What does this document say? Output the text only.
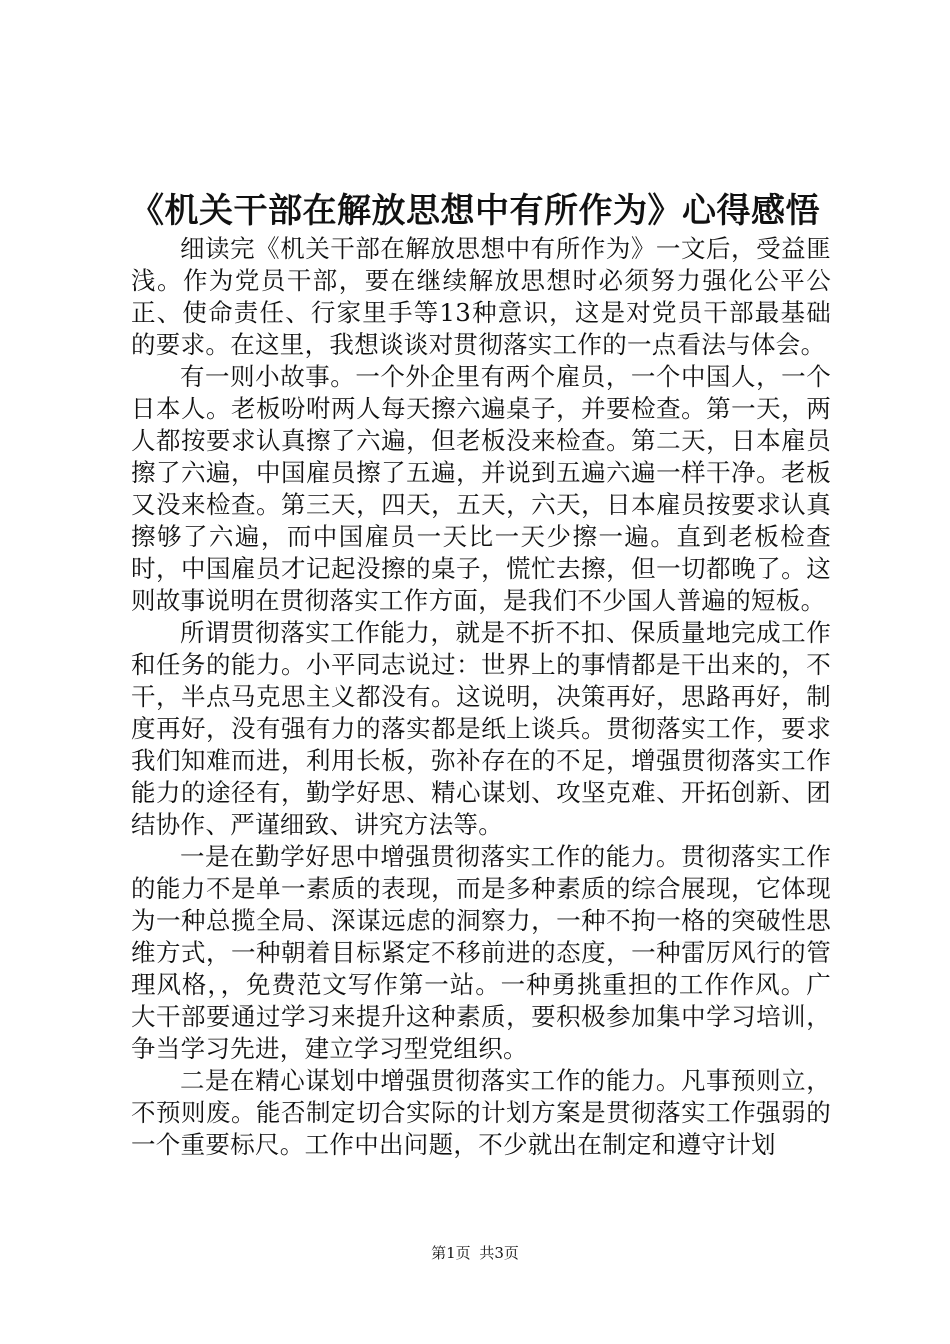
《机关干部在解放思想中有所作为》心得感悟

细读完《机关干部在解放思想中有所作为》一文后，受益匪浅。作为党员干部，要在继续解放思想时必须努力强化公平公正、使命责任、行家里手等13种意识，这是对党员干部最基础的要求。在这里，我想谈谈对贯彻落实工作的一点看法与体会。

有一则小故事。一个外企里有两个雇员，一个中国人，一个日本人。老板吩咐两人每天擦六遍桌子，并要检查。第一天，两人都按要求认真擦了六遍，但老板没来检查。第二天，日本雇员擦了六遍，中国雇员擦了五遍，并说到五遍六遍一样干净。老板又没来检查。第三天，四天，五天，六天，日本雇员按要求认真擦够了六遍，而中国雇员一天比一天少擦一遍。直到老板检查时，中国雇员才记起没擦的桌子，慌忙去擦，但一切都晚了。这则故事说明在贯彻落实工作方面，是我们不少国人普遍的短板。

所谓贯彻落实工作能力，就是不折不扣、保质量地完成工作和任务的能力。小平同志说过：世界上的事情都是干出来的，不干，半点马克思主义都没有。这说明，决策再好，思路再好，制度再好，没有强有力的落实都是纸上谈兵。贯彻落实工作，要求我们知难而进，利用长板，弥补存在的不足，增强贯彻落实工作能力的途径有，勤学好思、精心谋划、攻坚克难、开拓创新、团结协作、严谨细致、讲究方法等。

一是在勤学好思中增强贯彻落实工作的能力。贯彻落实工作的能力不是单一素质的表现，而是多种素质的综合展现，它体现为一种总揽全局、深谋远虑的洞察力，一种不拘一格的突破性思维方式，一种朝着目标紧定不移前进的态度，一种雷厉风行的管理风格，，免费范文写作第一站。一种勇挑重担的工作作风。广大干部要通过学习来提升这种素质，要积极参加集中学习培训，争当学习先进，建立学习型党组织。

二是在精心谋划中增强贯彻落实工作的能力。凡事预则立，不预则废。能否制定切合实际的计划方案是贯彻落实工作强弱的一个重要标尺。工作中出问题，不少就出在制定和遵守计划

第1页 共3页
